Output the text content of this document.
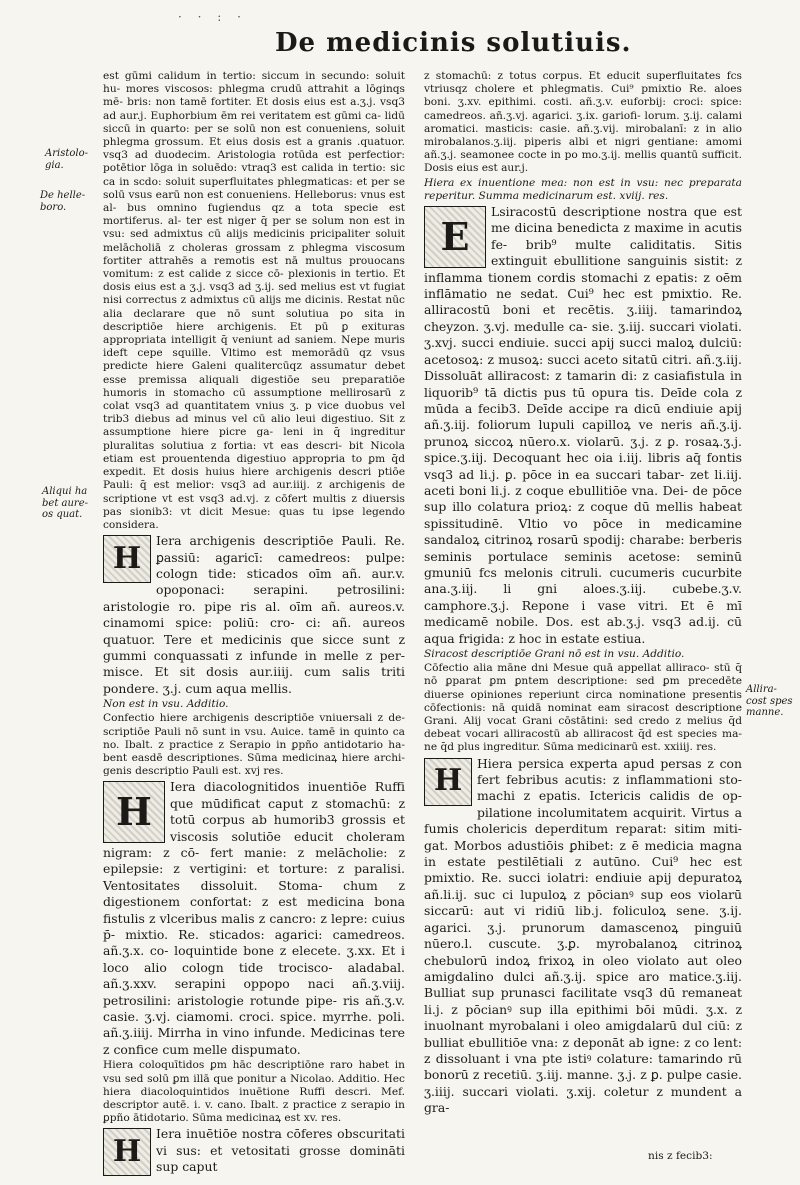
· · : ·
De medicinis solutiuis.
Aristolo‑
gia.
De helle‑
boro.
Aliqui ha
bet aure‑
os quat.
Allira‑
cost spes
manne.

est gūmi calidum in tertio: siccum in secundo: soluit hu‑ mores viscosos: phlegma crudū attrahit a lōginqs mē‑ bris: non tamē fortiter. Et dosis eius est a.ʒ.j. vsq3 ad aur.j. Euphorbium ēm rei veritatem est gūmi ca‑ lidū siccū in quarto: per se solū non est conueniens, soluit phlegma grossum. Et eius dosis est a granis .quatuor. vsq3 ad duodecim. Aristologia rotūda est perfectior: potētior lōga in soluēdo: vtraq3 est calida in tertio: sic ca in scdo: soluit superfluitates phlegmaticas: et per se solū vsus earū non est conueniens. Helleborus: vnus est al‑ bus omnino fugiendus qz a tota specie est mortiferus. al‑ ter est niger q̄ per se solum non est in vsu: sed admixtus cū alijs medicinis pricipaliter soluit melācholiā z choleras grossam z phlegma viscosum fortiter attrahēs a remotis est nā multus prouocans vomitum: z est calide z sicce cō‑ plexionis in tertio. Et dosis eius est a ʒ.j. vsq3 ad ʒ.ij. sed melius est vt fugiat nisi correctus z admixtus cū alijs me dicinis. Restat nūc alia declarare que nō sunt solutiua po sita in descriptiōe hiere archigenis. Et pū ꝑ exituras appropriata intelligit q̄ veniunt ad saniem. Nepe muris ideft cepe squille. Vltimo est memorādū qz vsus predicte hiere Galeni qualitercūqz assumatur debet esse premissa aliquali digestiōe seu preparatiōe humoris in stomacho cū assumptione mellirosarū z colat vsq3 ad quantitatem vnius ʒ. p vice duobus vel trib3 diebus ad minus vel cū alio leui digestiuo. Sit z assumptione hiere picre ga‑ leni in q̄ ingreditur pluralitas solutiua z fortia: vt eas descri‑ bit Nicola etiam est prouentenda digestiuo appropria to ꝑm q̄d expedit. Et dosis huius hiere archigenis descri ptiōe Pauli: q̄ est melior: vsq3 ad aur.iiij. z archigenis de scriptione vt est vsq3 ad.vj. z cōfert multis z diuersis pas sionib3: vt dicit Mesue: quas tu ipse legendo considera.

H

Iera archigenis descriptiōe Pauli. Re. ꝑassiū: agaricī: camedreos: pulpe: cologn tide: sticados oīm añ. aur.v. opoponaci: serapini. petrosilini: aristologie ro. pipe ris al. oīm añ. aureos.v. cinamomi spice: poliū: cro‑ ci: añ. aureos quatuor. Tere et medicinis que sicce sunt z gummi conquassati z infunde in melle z per‑ misce. Et sit dosis aur.iiij. cum salis triti pondere. ʒ.j. cum aqua mellis.

Non est in vsu. Additio.

Confectio hiere archigenis descriptiōe vniuersali z de‑ scriptiōe Pauli nō sunt in vsu. Auice. tamē in quinto ca no. Ibalt. z practice z Serapio in ꝑpño antidotario ha‑ bent easdē descriptiones. Sūma medicinaꝝ hiere archi‑ genis descriptio Pauli est. xvj res.

H

Iera diacolognitidos inuentiōe Ruffi que mūdificat caput z stomachū: z totū corpus ab humorib3 grossis et viscosis solutiōe educit choleram nigram: z cō‑ fert manie: z melācholie: z epilepsie: z vertigini: et torture: z paralisi. Ventositates dissoluit. Stoma‑ chum z digestionem confortat: z est medicina bona fistulis z vlceribus malis z cancro: z lepre: cuius p̄‑ mixtio. Re. sticados: agarici: camedreos. añ.ʒ.x. co‑ loquintide bone z elecete. ʒ.xx. Et i loco alio cologn tide trocisco‑ aladabal. añ.ʒ.xxv. serapini oppopo naci añ.ʒ.viij. petrosilini: aristologie rotunde pipe‑ ris añ.ʒ.v. casie. ʒ.vj. ciamomi. croci. spice. myrrhe. poli. añ.ʒ.iiij. Mirrha in vino infunde. Medicinas tere z confice cum melle dispumato.

Hiera coloquītidos ꝑm hāc descriptiōne raro habet in vsu sed solū ꝑm illā que ponitur a Nicolao. Additio. Hec hiera diacoloquintidos inuētione Ruffi descri. Mef. descriptor autē. i. v. cano. Ibalt. z practice z serapio in ꝑpño ātidotario. Sūma medicinaꝝ est xv. res.

H

Iera inuētiōe nostra cōferes obscuritati vi sus: et vetositati grosse domināti sup caput

z stomachū: z totus corpus. Et educit superfluitates fcs vtriusqz cholere et phlegmatis. Cui⁹ pmixtio Re. aloes boni. ʒ.xv. epithimi. costi. añ.ʒ.v. euforbij: croci: spice: camedreos. añ.ʒ.vj. agarici. ʒ.ix. gariofi‑ lorum. ʒ.ij. calami aromatici. masticis: casie. añ.ʒ.vij. mirobalanī: z in alio mirobalanos.ʒ.iij. piperis albi et nigri gentiane: amomi añ.ʒ.j. seamonee cocte in po mo.ʒ.ij. mellis quantū sufficit. Dosis eius est aur.j.

Hiera ex inuentione mea: non est in vsu: nec preparata reperitur. Summa medicinarum est. xviij. res.

E

Lsiracostū descriptione nostra que est me dicina benedicta z maxime in acutis fe‑ brib⁹ multe caliditatis. Sitis extinguit ebullitione sanguinis sistit: z inflamma tionem cordis stomachi z epatis: z oēm inflāmatio ne sedat. Cui⁹ hec est pmixtio. Re. alliracostū boni et recētis. ʒ.iiij. tamarindoꝝ cheyzon. ʒ.vj. medulle ca‑ sie. ʒ.iij. succari violati. ʒ.xvj. succi endiuie. succi apij succi maloꝝ dulciū: acetosoꝝ: z musoꝝ: succi aceto sitatū citri. añ.ʒ.iij. Dissoluāt alliracost: z tamarin di: z casiafistula in liquorib⁹ tā dictis pus tū opura tis. Deīde cola z mūda a fecib3. Deīde accipe ra dicū endiuie apij añ.ʒ.iij. foliorum lupuli capilloꝝ ve neris añ.ʒ.ij. prunoꝝ siccoꝝ nūero.x. violarū. ʒ.j. z ꝑ. rosaꝝ.ʒ.j. spice.ʒ.iij. Decoquant hec oia i.iij. libris aq̄ fontis vsq3 ad li.j. ꝑ. pōce in ea succari tabar‑ zet li.iij. aceti boni li.j. z coque ebullitiōe vna. Dei‑ de pōce sup illo colatura prioꝝ: z coque dū mellis habeat spissitudinē. Vltio vo pōce in medicamine sandaloꝝ citrinoꝝ rosarū spodij: charabe: berberis seminis portulace seminis acetose: seminū gmuniū fcs melonis citruli. cucumeris cucurbite ana.ʒ.iij. li gni aloes.ʒ.iij. cubebe.ʒ.v. camphore.ʒ.j. Repone i vase vitri. Et ē mī medicamē nobile. Dos. est ab.ʒ.j. vsq3 ad.ij. cū aqua frigida: z hoc in estate estiua.

Siracost descriptiōe Grani nō est in vsu. Additio.

Cōfectio alia māne dni Mesue quā appellat alliraco‑ stū q̄ nō ꝑparat ꝑm ꝑntem descriptione: sed ꝑm precedēte diuerse opiniones reperiunt circa nominatione presentis cōfectionis: nā quidā nominat eam siracost descriptione Grani. Alij vocat Grani cōstātini: sed credo z melius q̄d debeat vocari alliracostū ab alliracost q̄d est species ma‑ ne q̄d plus ingreditur. Sūma medicinarū est. xxiiij. res.

H

Hiera persica experta apud persas z con fert febribus acutis: z inflammationi sto‑ machi z epatis. Ictericis calidis de op‑ pilatione incolumitatem acquirit. Virtus a fumis cholericis deperditum reparat: sitim miti‑ gat. Morbos adustiōis ꝑhibet: z ē medicia magna in estate pestilētiali z autūno. Cui⁹ hec est pmixtio. Re. succi iolatri: endiuie apij depuratoꝝ añ.li.ij. suc ci lupuloꝝ z pōcianꝰ sup eos violarū siccarū: aut vi ridiū lib.j. foliculoꝝ sene. ʒ.ij. agarici. ʒ.j. prunorum damascenoꝝ pinguiū nūero.l. cuscute. ʒ.ꝑ. myrobalanoꝝ citrinoꝝ chebulorū indoꝝ frixoꝝ in oleo violato aut oleo amigdalino dulci añ.ʒ.ij. spice aro matice.ʒ.iij. Bulliat sup prunasci facilitate vsq3 dū remaneat li.j. z pōcianꝰ sup illa epithimi bōi mūdi. ʒ.x. z inuolnant myrobalani i oleo amigdalarū dul ciū: z bulliat ebullitiōe vna: z deponāt ab igne: z co lent: z dissoluant i vna pte istiꝰ colature: tamarindo rū bonorū z recetiū. ʒ.iij. manne. ʒ.j. z ꝑ. pulpe casie. ʒ.iiij. succari violati. ʒ.xij. coletur z mundent a gra‑

nis z fecib3:
